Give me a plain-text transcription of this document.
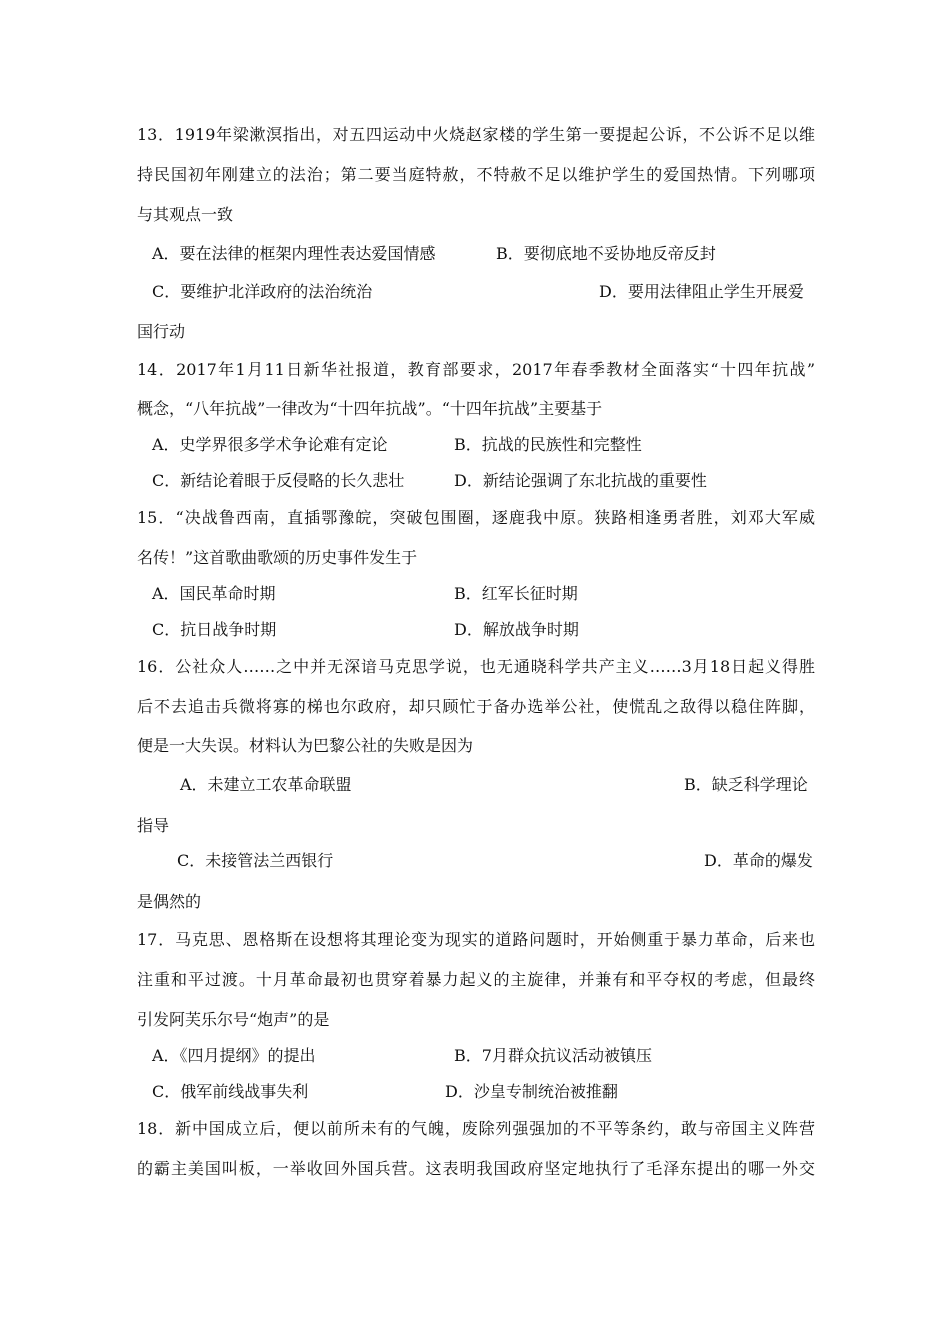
13．1919年梁漱溟指出，对五四运动中火烧赵家楼的学生第一要提起公诉，不公诉不足以维
持民国初年刚建立的法治；第二要当庭特赦，不特赦不足以维护学生的爱国热情。下列哪项
与其观点一致
A．要在法律的框架内理性表达爱国情感	B．要彻底地不妥协地反帝反封
C．要维护北洋政府的法治统治	D．要用法律阻止学生开展爱
国行动
14．2017年1月11日新华社报道，教育部要求，2017年春季教材全面落实“十四年抗战”
概念，“八年抗战”一律改为“十四年抗战”。“十四年抗战”主要基于
A．史学界很多学术争论难有定论	B．抗战的民族性和完整性
C．新结论着眼于反侵略的长久悲壮	D．新结论强调了东北抗战的重要性
15．“决战鲁西南，直插鄂豫皖，突破包围圈，逐鹿我中原。狭路相逢勇者胜，刘邓大军威
名传！”这首歌曲歌颂的历史事件发生于
A．国民革命时期	B．红军长征时期
C．抗日战争时期	D．解放战争时期
16．公社众人……之中并无深谙马克思学说，也无通晓科学共产主义……3月18日起义得胜
后不去追击兵微将寡的梯也尔政府，却只顾忙于备办选举公社，使慌乱之敌得以稳住阵脚，
便是一大失误。材料认为巴黎公社的失败是因为
A．未建立工农革命联盟	B．缺乏科学理论
指导
C．未接管法兰西银行	D．革命的爆发
是偶然的
17．马克思、恩格斯在设想将其理论变为现实的道路问题时，开始侧重于暴力革命，后来也
注重和平过渡。十月革命最初也贯穿着暴力起义的主旋律，并兼有和平夺权的考虑，但最终
引发阿芙乐尔号“炮声”的是
A．《四月提纲》的提出	B．7月群众抗议活动被镇压
C．俄军前线战事失利	D．沙皇专制统治被推翻
18．新中国成立后，便以前所未有的气魄，废除列强强加的不平等条约，敢与帝国主义阵营
的霸主美国叫板，一举收回外国兵营。这表明我国政府坚定地执行了毛泽东提出的哪一外交
